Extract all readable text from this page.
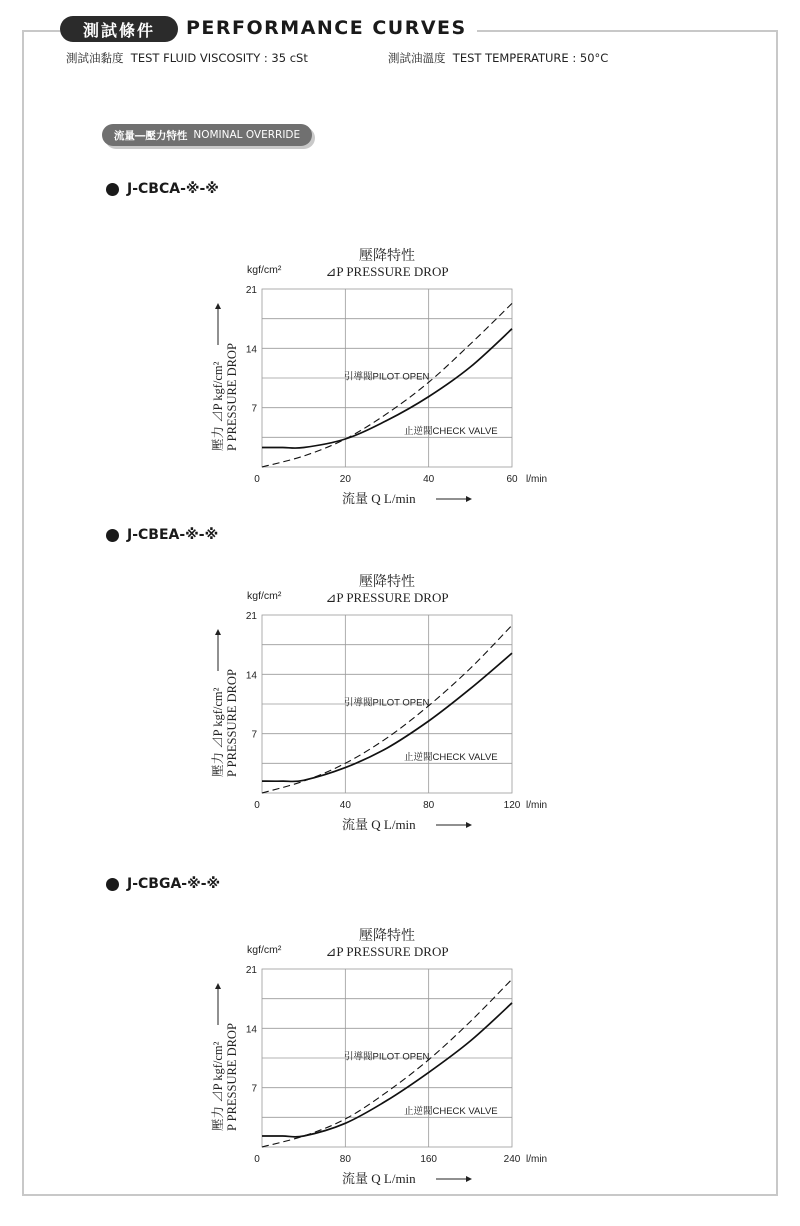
測試條件	PERFORMANCE CURVES
測試油黏度  TEST FLUID VISCOSITY : 35 cSt	測試油溫度  TEST TEMPERATURE : 50°C
流量―壓力特性 NOMINAL OVERRIDE
J-CBCA-※-※
壓降特性
⊿P PRESSURE DROP
kgf/cm²
0	20	40	60 l/min
7
14
21
流量 Q L/min
壓力 ⊿P kgf/cm² P PRESSURE DROP	引導閥PILOT OPEN
止逆閥CHECK VALVE
J-CBEA-※-※
壓降特性
⊿P PRESSURE DROP
kgf/cm²
0	40	80	120 l/min
7
14
21
流量 Q L/min
壓力 ⊿P kgf/cm² P PRESSURE DROP	引導閥PILOT OPEN
止逆閥CHECK VALVE
J-CBGA-※-※
壓降特性
⊿P PRESSURE DROP
kgf/cm²
0	80	160	240 l/min
7
14
21
流量 Q L/min
壓力 ⊿P kgf/cm² P PRESSURE DROP	引導閥PILOT OPEN
止逆閥CHECK VALVE
